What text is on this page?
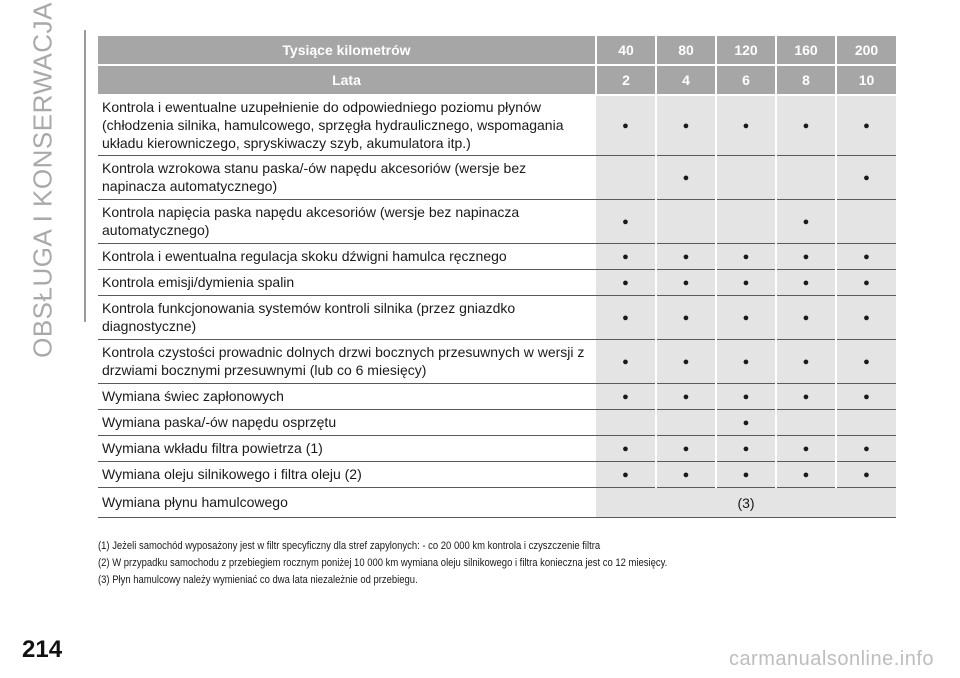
OBSŁUGA I KONSERWACJA	Tysiące kilometrów	40	80	120	160	200
Lata	2	4	6	8	10
Kontrola i ewentualne uzupełnienie do odpowiedniego poziomu płynów (chłodzenia silnika, hamulcowego, sprzęgła hydraulicznego, wspomagania układu kierowniczego, spryskiwaczy szyb, akumulatora itp.)	●	●	●	●	●
Kontrola wzrokowa stanu paska/-ów napędu akcesoriów (wersje bez napinacza automatycznego)		●			●
Kontrola napięcia paska napędu akcesoriów (wersje bez napinacza automatycznego)	●			●	
Kontrola i ewentualna regulacja skoku dźwigni hamulca ręcznego	●	●	●	●	●
Kontrola emisji/dymienia spalin	●	●	●	●	●
Kontrola funkcjonowania systemów kontroli silnika (przez gniazdko diagnostyczne)	●	●	●	●	●
Kontrola czystości prowadnic dolnych drzwi bocznych przesuwnych w wersji z drzwiami bocznymi przesuwnymi (lub co 6 miesięcy)	●	●	●	●	●
Wymiana świec zapłonowych	●	●	●	●	●
Wymiana paska/-ów napędu osprzętu			●		
Wymiana wkładu filtra powietrza (1)	●	●	●	●	●
Wymiana oleju silnikowego i filtra oleju (2)	●	●	●	●	●
Wymiana płynu hamulcowego	(3)				

(1) Jeżeli samochód wyposażony jest w filtr specyficzny dla stref zapylonych: - co 20 000 km kontrola i czyszczenie filtra

(2) W przypadku samochodu z przebiegiem rocznym poniżej 10 000 km wymiana oleju silnikowego i filtra konieczna jest co 12 miesięcy.

(3) Płyn hamulcowy należy wymieniać co dwa lata niezależnie od przebiegu.

214	carmanualsonline.info
